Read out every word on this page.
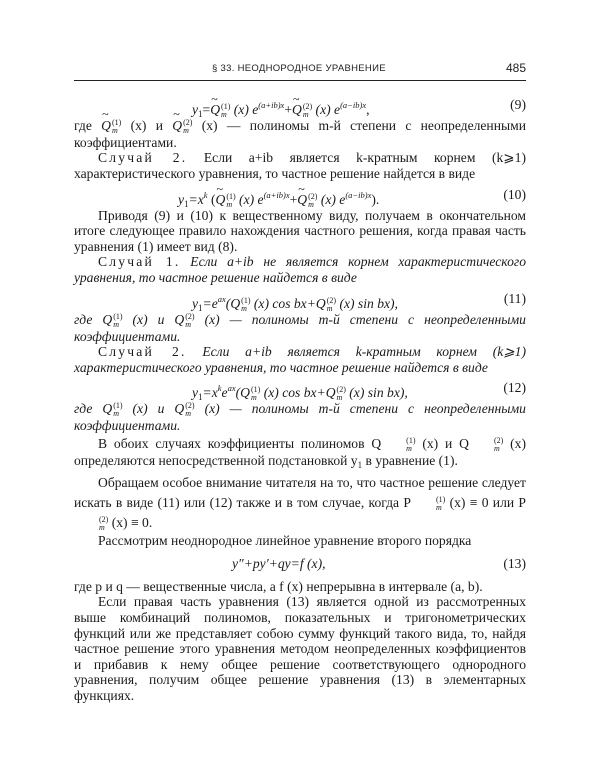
§ 33. НЕОДНОРОДНОЕ УРАВНЕНИЕ	485
$y_1=\sim$ Q (1)
m (x) $e^{(a+ib)x}+\sim$ Q (2)
m (x) $e^{(a-ib)x}$,	(9)

где ~ Q (1)
m (x) и ~ Q (2)
m (x) — полиномы m-й степени с неопределенными коэффициентами.

Случай 2. Если a+ib является k-кратным корнем (k⩾1) характеристического уравнения, то частное решение найдется в виде

$y_1=x^k$ (~ Q (1)
m (x) $e^{(a+ib)x}+\sim$ Q (2)
m (x) $e^{(a-ib)x}$).	(10)

Приводя (9) и (10) к вещественному виду, получаем в окончательном итоге следующее правило нахождения частного решения, когда правая часть уравнения (1) имеет вид (8).

Случай 1. Если a+ib не является корнем характеристического уравнения, то частное решение найдется в виде

$y_1=e^{ax}(Q$ (1)
m (x) cos bx+Q (2)
m (x) sin bx),	(11)

где Q (1)
m (x) и Q (2)
m (x) — полиномы m-й степени с неопределенными коэффициентами.

Случай 2. Если a+ib является k-кратным корнем (k⩾1) характеристического уравнения, то частное решение найдется в виде

$y_1=x^ke^{ax}(Q$ (1)
m (x) cos bx+Q (2)
m (x) sin bx),	(12)

где Q (1)
m (x) и Q (2)
m (x) — полиномы m-й степени с неопределенными коэффициентами.

В обоих случаях коэффициенты полиномов Q	(1)
m (x) и Q	(2)
m (x) определяются непосредственной подстановкой $y_1$ в уравнение (1).

Обращаем особое внимание читателя на то, что частное решение следует искать в виде (11) или (12) также и в том случае, когда P	(1)
m (x) ≡ 0 или P
(2)
m (x) ≡ 0.

Рассмотрим неоднородное линейное уравнение второго порядка

y″+py′+qy=f (x),	(13)

где p и q — вещественные числа, а f (x) непрерывна в интервале (a, b).

Если правая часть уравнения (13) является одной из рассмотренных выше комбинаций полиномов, показательных и тригонометрических функций или же представляет собою сумму функций такого вида, то, найдя частное решение этого уравнения методом неопределенных коэффициентов и прибавив к нему общее решение соответствующего однородного уравнения, получим общее решение уравнения (13) в элементарных функциях.
